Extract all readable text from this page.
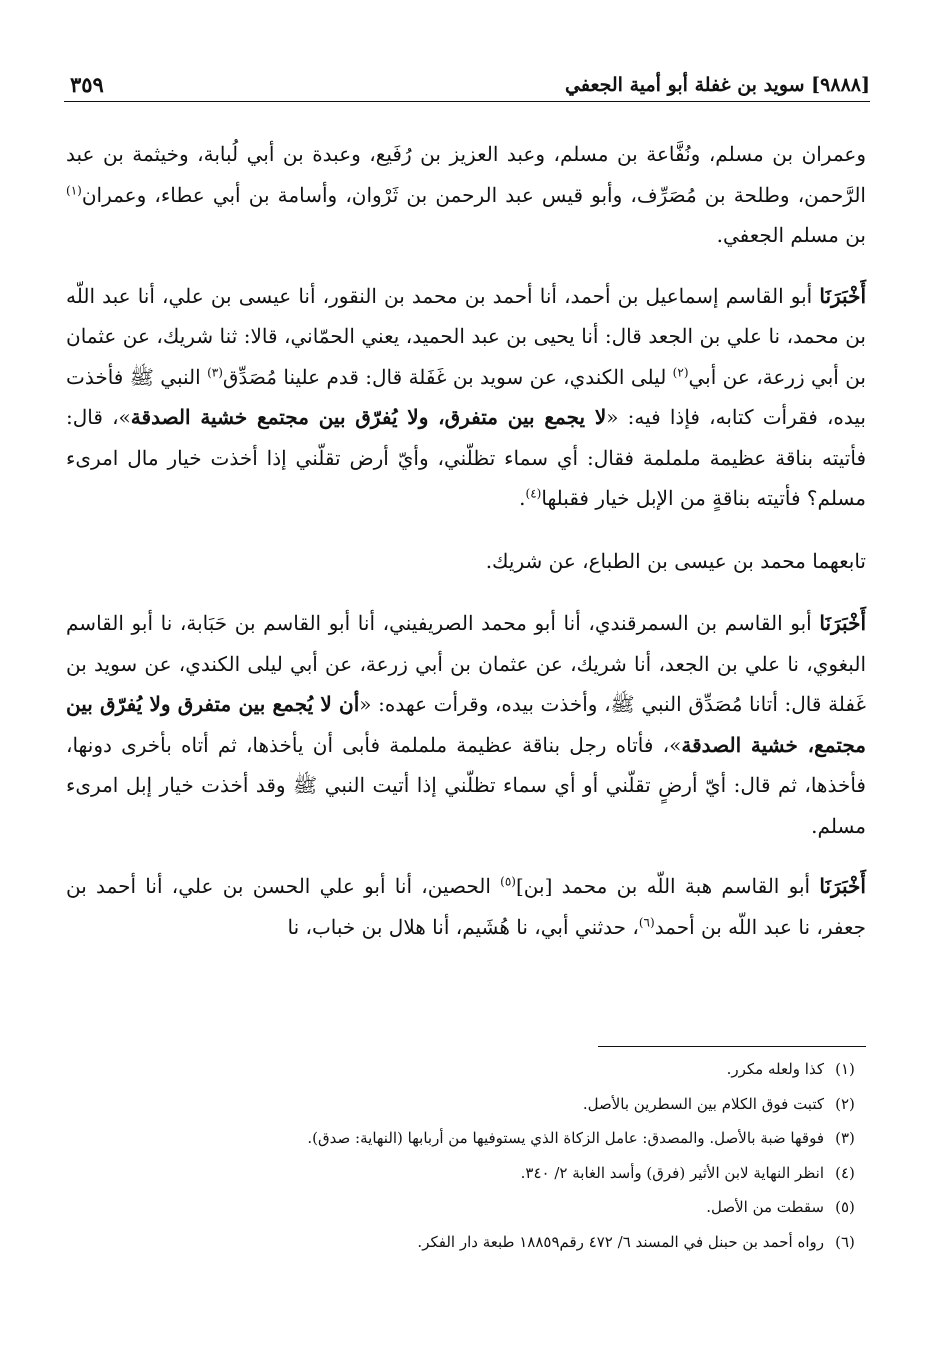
[٩٨٨٨] سويد بن غفلة أبو أمية الجعفي
٣٥٩

وعمران بن مسلم، ونُفَّاعة بن مسلم، وعبد العزيز بن رُفَيع، وعبدة بن أبي لُبابة، وخيثمة بن عبد الرَّحمن، وطلحة بن مُصَرِّف، وأبو قيس عبد الرحمن بن ثَرْوان، وأسامة بن أبي عطاء، وعمران$^{(١)}$ بن مسلم الجعفي.

أَخْبَرَنَا أبو القاسم إسماعيل بن أحمد، أنا أحمد بن محمد بن النقور، أنا عيسى بن علي، أنا عبد اللّه بن محمد، نا علي بن الجعد قال: أنا يحيى بن عبد الحميد، يعني الحمّاني، قالا: ثنا شريك، عن عثمان بن أبي زرعة، عن أبي$^{(٢)}$ ليلى الكندي، عن سويد بن غَفَلة قال: قدم علينا مُصَدِّق$^{(٣)}$ النبي ﷺ فأخذت بيده، فقرأت كتابه، فإذا فيه: «لا يجمع بين متفرق، ولا يُفرّق بين مجتمع خشية الصدقة»، قال: فأتيته بناقة عظيمة ململمة فقال: أي سماء تظلّني، وأيّ أرض تقلّني إذا أخذت خيار مال امرىء مسلم؟ فأتيته بناقةٍ من الإبل خيار فقبلها$^{(٤)}$.

تابعهما محمد بن عيسى بن الطباع، عن شريك.

أَخْبَرَنَا أبو القاسم بن السمرقندي، أنا أبو محمد الصريفيني، أنا أبو القاسم بن حَبَابة، نا أبو القاسم البغوي، نا علي بن الجعد، أنا شريك، عن عثمان بن أبي زرعة، عن أبي ليلى الكندي، عن سويد بن غَفلة قال: أتانا مُصَدِّق النبي ﷺ، وأخذت بيده، وقرأت عهده: «أن لا يُجمع بين متفرق ولا يُفرّق بين مجتمع، خشية الصدقة»، فأتاه رجل بناقة عظيمة ململمة فأبى أن يأخذها، ثم أتاه بأخرى دونها، فأخذها، ثم قال: أيّ أرضٍ تقلّني أو أي سماء تظلّني إذا أتيت النبي ﷺ وقد أخذت خيار إبل امرىء مسلم.

أَخْبَرَنَا أبو القاسم هبة اللّه بن محمد [بن]$^{(٥)}$ الحصين، أنا أبو علي الحسن بن علي، أنا أحمد بن جعفر، نا عبد اللّه بن أحمد$^{(٦)}$، حدثني أبي، نا هُشَيم، أنا هلال بن خباب، نا

(١)
كذا ولعله مكرر.
(٢)
كتبت فوق الكلام بين السطرين بالأصل.
(٣)
فوقها ضبة بالأصل. والمصدق: عامل الزكاة الذي يستوفيها من أربابها (النهاية: صدق).
(٤)
انظر النهاية لابن الأثير (فرق) وأسد الغابة ٢/ ٣٤٠.
(٥)
سقطت من الأصل.
(٦)
رواه أحمد بن حبنل في المسند ٦/ ٤٧٢ رقم١٨٨٥٩ طبعة دار الفكر.
